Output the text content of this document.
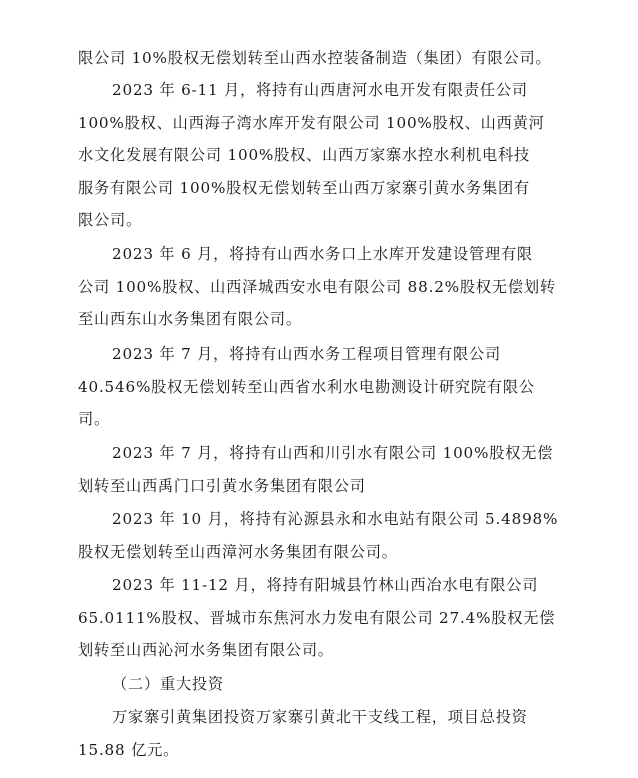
限公司 10%股权无偿划转至山西水控装备制造（集团）有限公司。

2023 年 6-11 月，将持有山西唐河水电开发有限责任公司
100%股权、山西海子湾水库开发有限公司 100%股权、山西黄河
水文化发展有限公司 100%股权、山西万家寨水控水利机电科技
服务有限公司 100%股权无偿划转至山西万家寨引黄水务集团有
限公司。

2023 年 6 月，将持有山西水务口上水库开发建设管理有限
公司 100%股权、山西泽城西安水电有限公司 88.2%股权无偿划转
至山西东山水务集团有限公司。

2023 年 7 月，将持有山西水务工程项目管理有限公司
40.546%股权无偿划转至山西省水利水电勘测设计研究院有限公
司。

2023 年 7 月，将持有山西和川引水有限公司 100%股权无偿
划转至山西禹门口引黄水务集团有限公司

2023 年 10 月，将持有沁源县永和水电站有限公司 5.4898%
股权无偿划转至山西漳河水务集团有限公司。

2023 年 11-12 月，将持有阳城县竹林山西冶水电有限公司
65.0111%股权、晋城市东焦河水力发电有限公司 27.4%股权无偿
划转至山西沁河水务集团有限公司。

（二）重大投资

万家寨引黄集团投资万家寨引黄北干支线工程，项目总投资
15.88 亿元。
